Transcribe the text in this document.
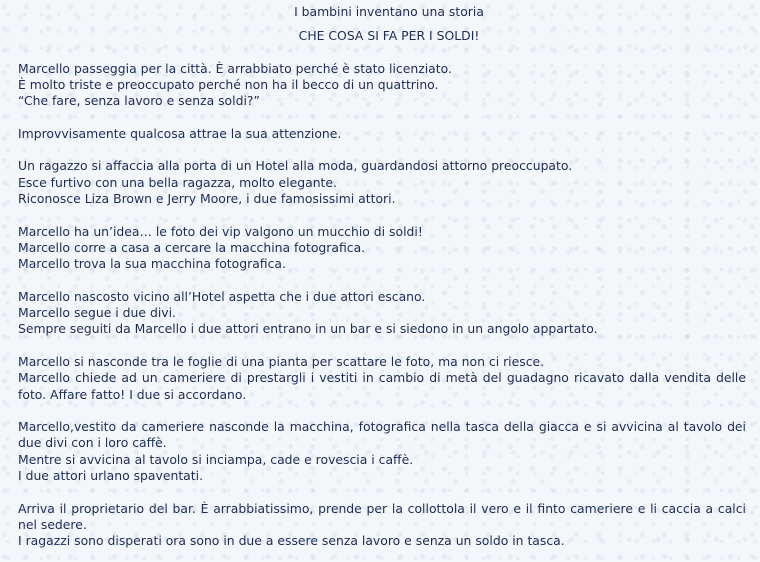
I bambini inventano una storia
CHE COSA SI FA PER I SOLDI!
Marcello passeggia per la città. È arrabbiato perché è stato licenziato.
È molto triste e preoccupato perché non ha il becco di un quattrino.
“Che fare, senza lavoro e senza soldi?”
Improvvisamente qualcosa attrae la sua attenzione.
Un ragazzo si affaccia alla porta di un Hotel alla moda, guardandosi attorno preoccupato.
Esce furtivo con una bella ragazza, molto elegante.
Riconosce Liza Brown e Jerry Moore, i due famosissimi attori.
Marcello ha un’idea… le foto dei vip valgono un mucchio di soldi!
Marcello corre a casa a cercare la macchina fotografica.
Marcello trova la sua macchina fotografica.
Marcello nascosto vicino all’Hotel aspetta che i due attori escano.
Marcello segue i due divi.
Sempre seguiti da Marcello i due attori entrano in un bar e si siedono in un angolo appartato.
Marcello si nasconde tra le foglie di una pianta per scattare le foto, ma non ci riesce.
Marcello chiede ad un cameriere di prestargli i vestiti in cambio di metà del guadagno ricavato dalla vendita delle foto. Affare fatto! I due si accordano.
Marcello,vestito da cameriere nasconde la macchina, fotografica nella tasca della giacca e si avvicina al tavolo dei due divi con i loro caffè.
Mentre si avvicina al tavolo si inciampa, cade e rovescia i caffè.
I due attori urlano spaventati.
Arriva il proprietario del bar. È arrabbiatissimo, prende per la collottola il vero e il finto cameriere e li caccia a calci nel sedere.
I ragazzi sono disperati ora sono in due a essere senza lavoro e senza un soldo in tasca.
